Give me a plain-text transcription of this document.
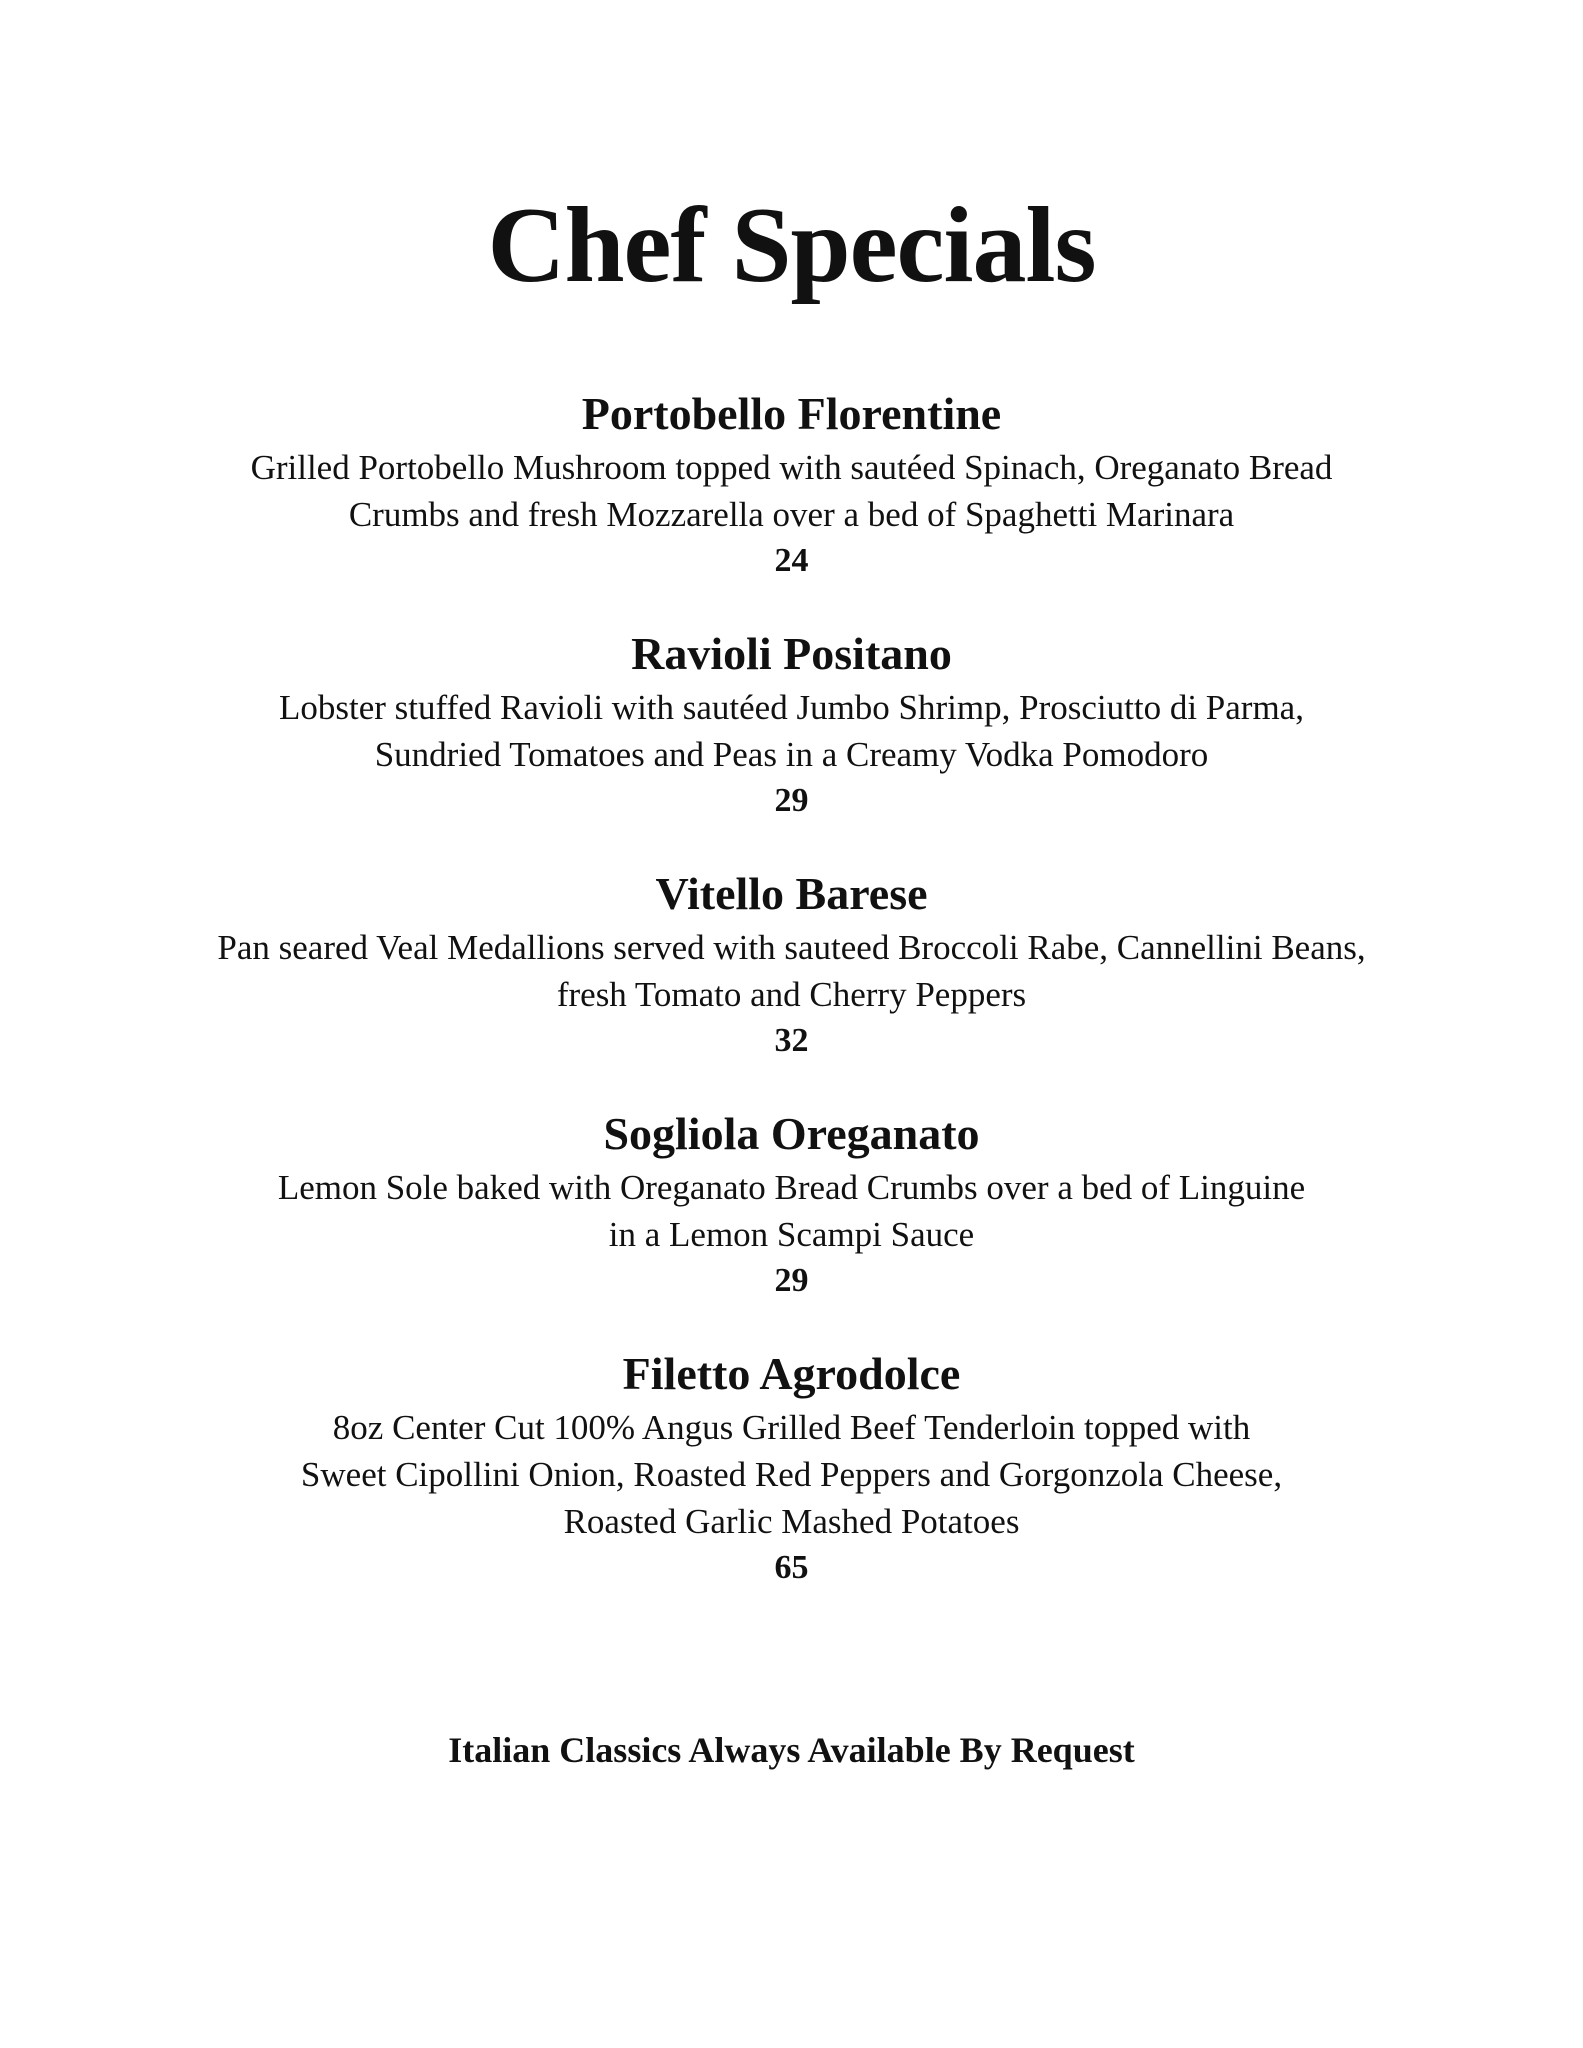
Chef Specials
Portobello Florentine
Grilled Portobello Mushroom topped with sautéed Spinach, Oreganato Bread
Crumbs and fresh Mozzarella over a bed of Spaghetti Marinara
24
Ravioli Positano
Lobster stuffed Ravioli with sautéed Jumbo Shrimp, Prosciutto di Parma,
Sundried Tomatoes and Peas in a Creamy Vodka Pomodoro
29
Vitello Barese
Pan seared Veal Medallions served with sauteed Broccoli Rabe, Cannellini Beans,
fresh Tomato and Cherry Peppers
32
Sogliola Oreganato
Lemon Sole baked with Oreganato Bread Crumbs over a bed of Linguine
in a Lemon Scampi Sauce
29
Filetto Agrodolce
8oz Center Cut 100% Angus Grilled Beef Tenderloin topped with
Sweet Cipollini Onion, Roasted Red Peppers and Gorgonzola Cheese,
Roasted Garlic Mashed Potatoes
65
Italian Classics Always Available By Request
